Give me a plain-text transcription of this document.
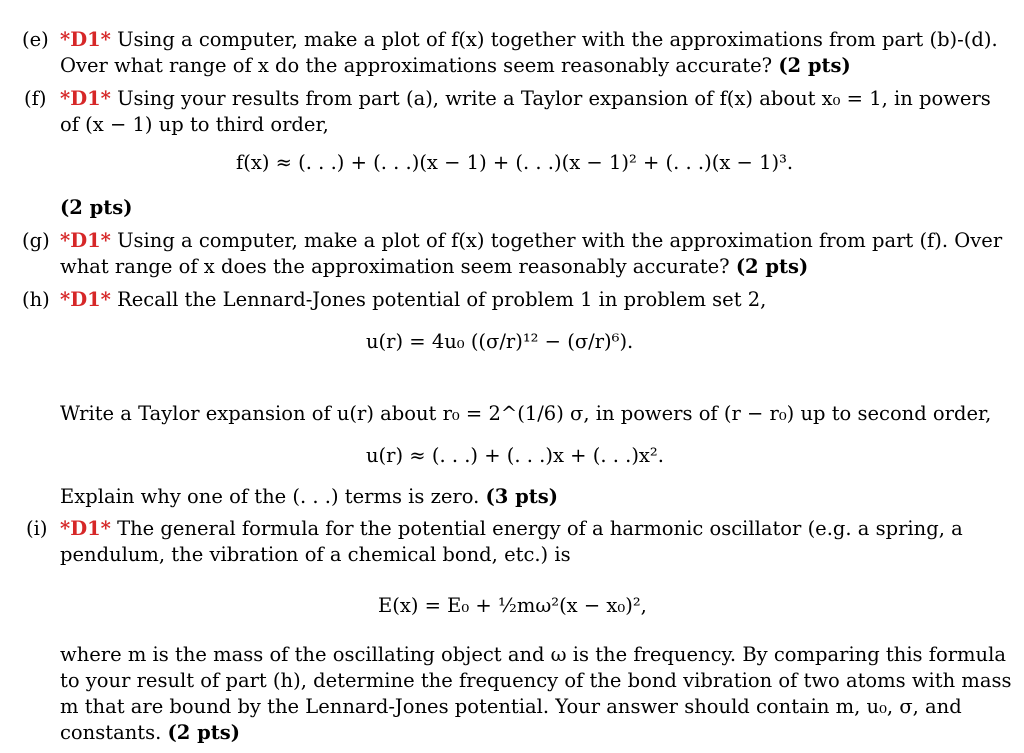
(e) *D1* Using a computer, make a plot of f(x) together with the approximations from part (b)-(d).
Over what range of x do the approximations seem reasonably accurate? (2 pts)
(f) *D1* Using your results from part (a), write a Taylor expansion of f(x) about x₀ = 1, in powers
of (x − 1) up to third order,
f(x) ≈ (. . .) + (. . .)(x − 1) + (. . .)(x − 1)² + (. . .)(x − 1)³.
(2 pts)
(g) *D1* Using a computer, make a plot of f(x) together with the approximation from part (f). Over
what range of x does the approximation seem reasonably accurate? (2 pts)
(h) *D1* Recall the Lennard-Jones potential of problem 1 in problem set 2,
u(r) = 4u₀ ((σ/r)¹² − (σ/r)⁶).
Write a Taylor expansion of u(r) about r₀ = 2^(1/6) σ, in powers of (r − r₀) up to second order,
u(r) ≈ (. . .) + (. . .)x + (. . .)x².
Explain why one of the (. . .) terms is zero. (3 pts)
(i) *D1* The general formula for the potential energy of a harmonic oscillator (e.g. a spring, a
pendulum, the vibration of a chemical bond, etc.) is
E(x) = E₀ + ½mω²(x − x₀)²,
where m is the mass of the oscillating object and ω is the frequency. By comparing this formula
to your result of part (h), determine the frequency of the bond vibration of two atoms with mass
m that are bound by the Lennard-Jones potential. Your answer should contain m, u₀, σ, and
constants. (2 pts)
